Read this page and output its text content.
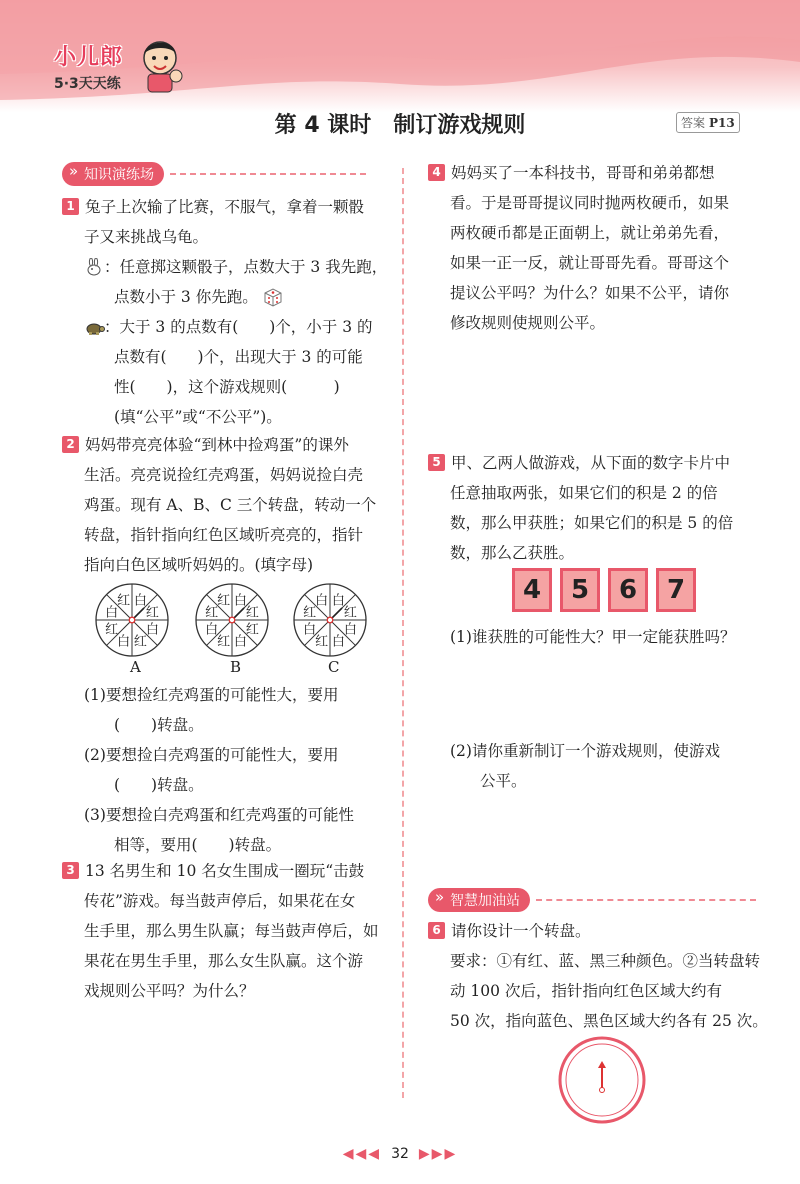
小儿郎
5·3天天练
第 4 课时 制订游戏规则	答案 P13
» 知识演练场
1 兔子上次输了比赛，不服气，拿着一颗骰
子又来挑战乌龟。
：任意掷这颗骰子，点数大于 3 我先跑，
点数小于 3 你先跑。
：大于 3 的点数有(　　)个，小于 3 的
点数有(　　)个，出现大于 3 的可能
性(　　)，这个游戏规则(　　　)
(填“公平”或“不公平”)。
2 妈妈带亮亮体验“到林中捡鸡蛋”的课外
生活。亮亮说捡红壳鸡蛋，妈妈说捡白壳
鸡蛋。现有 A、B、C 三个转盘，转动一个
转盘，指针指向红色区域听亮亮的，指针
指向白色区域听妈妈的。(填字母)
白
红
白
红
白
红
白
红	白
红
红
白
红
白
红
红	白
红
白
白
红
白
红
白
A	B	C
(1)要想捡红壳鸡蛋的可能性大，要用
(　　)转盘。
(2)要想捡白壳鸡蛋的可能性大，要用
(　　)转盘。
(3)要想捡白壳鸡蛋和红壳鸡蛋的可能性
相等，要用(　　)转盘。
3 13 名男生和 10 名女生围成一圈玩“击鼓
传花”游戏。每当鼓声停后，如果花在女
生手里，那么男生队赢；每当鼓声停后，如
果花在男生手里，那么女生队赢。这个游
戏规则公平吗？为什么？
4 妈妈买了一本科技书，哥哥和弟弟都想
看。于是哥哥提议同时抛两枚硬币，如果
两枚硬币都是正面朝上，就让弟弟先看，
如果一正一反，就让哥哥先看。哥哥这个
提议公平吗？为什么？如果不公平，请你
修改规则使规则公平。
5 甲、乙两人做游戏，从下面的数字卡片中
任意抽取两张，如果它们的积是 2 的倍
数，那么甲获胜；如果它们的积是 5 的倍
数，那么乙获胜。
4 5 6 7
(1)谁获胜的可能性大？甲一定能获胜吗？
(2)请你重新制订一个游戏规则，使游戏
公平。
» 智慧加油站
6 请你设计一个转盘。
要求：①有红、蓝、黑三种颜色。②当转盘转
动 100 次后，指针指向红色区域大约有
50 次，指向蓝色、黑色区域大约各有 25 次。
◀◀◀ 32 ▶▶▶
